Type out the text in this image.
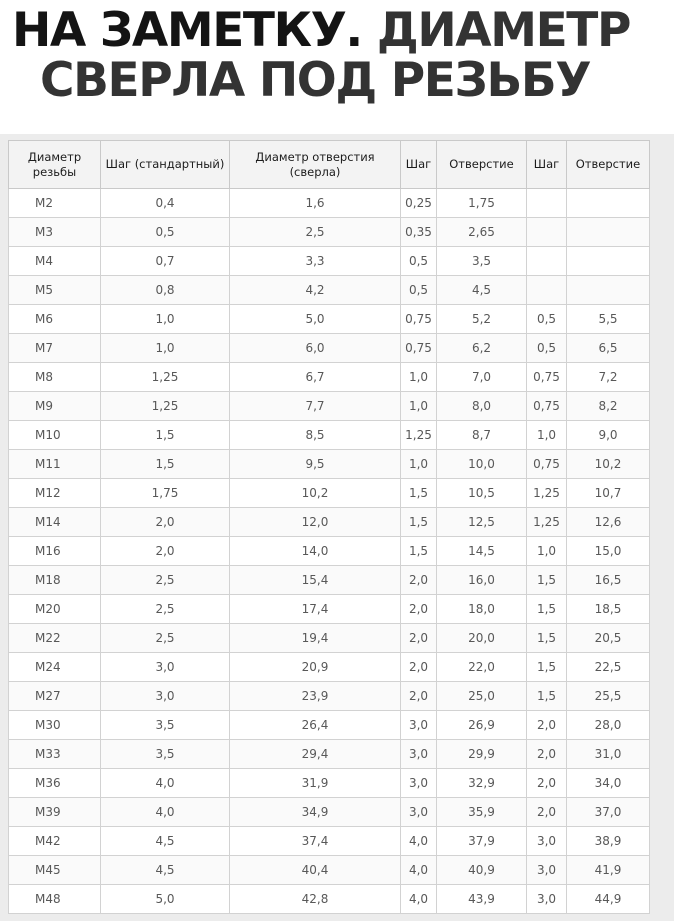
НА ЗАМЕТКУ. ДИАМЕТР
СВЕРЛА ПОД РЕЗЬБУ
Диаметр резьбы	Шаг (стандартный)	Диаметр отверстия (сверла)	Шаг	Отверстие	Шаг	Отверстие
М2	0,4	1,6	0,25	1,75		
М3	0,5	2,5	0,35	2,65		
М4	0,7	3,3	0,5	3,5		
М5	0,8	4,2	0,5	4,5		
М6	1,0	5,0	0,75	5,2	0,5	5,5
М7	1,0	6,0	0,75	6,2	0,5	6,5
М8	1,25	6,7	1,0	7,0	0,75	7,2
М9	1,25	7,7	1,0	8,0	0,75	8,2
М10	1,5	8,5	1,25	8,7	1,0	9,0
М11	1,5	9,5	1,0	10,0	0,75	10,2
М12	1,75	10,2	1,5	10,5	1,25	10,7
М14	2,0	12,0	1,5	12,5	1,25	12,6
М16	2,0	14,0	1,5	14,5	1,0	15,0
М18	2,5	15,4	2,0	16,0	1,5	16,5
М20	2,5	17,4	2,0	18,0	1,5	18,5
М22	2,5	19,4	2,0	20,0	1,5	20,5
М24	3,0	20,9	2,0	22,0	1,5	22,5
М27	3,0	23,9	2,0	25,0	1,5	25,5
М30	3,5	26,4	3,0	26,9	2,0	28,0
М33	3,5	29,4	3,0	29,9	2,0	31,0
М36	4,0	31,9	3,0	32,9	2,0	34,0
М39	4,0	34,9	3,0	35,9	2,0	37,0
М42	4,5	37,4	4,0	37,9	3,0	38,9
М45	4,5	40,4	4,0	40,9	3,0	41,9
М48	5,0	42,8	4,0	43,9	3,0	44,9
